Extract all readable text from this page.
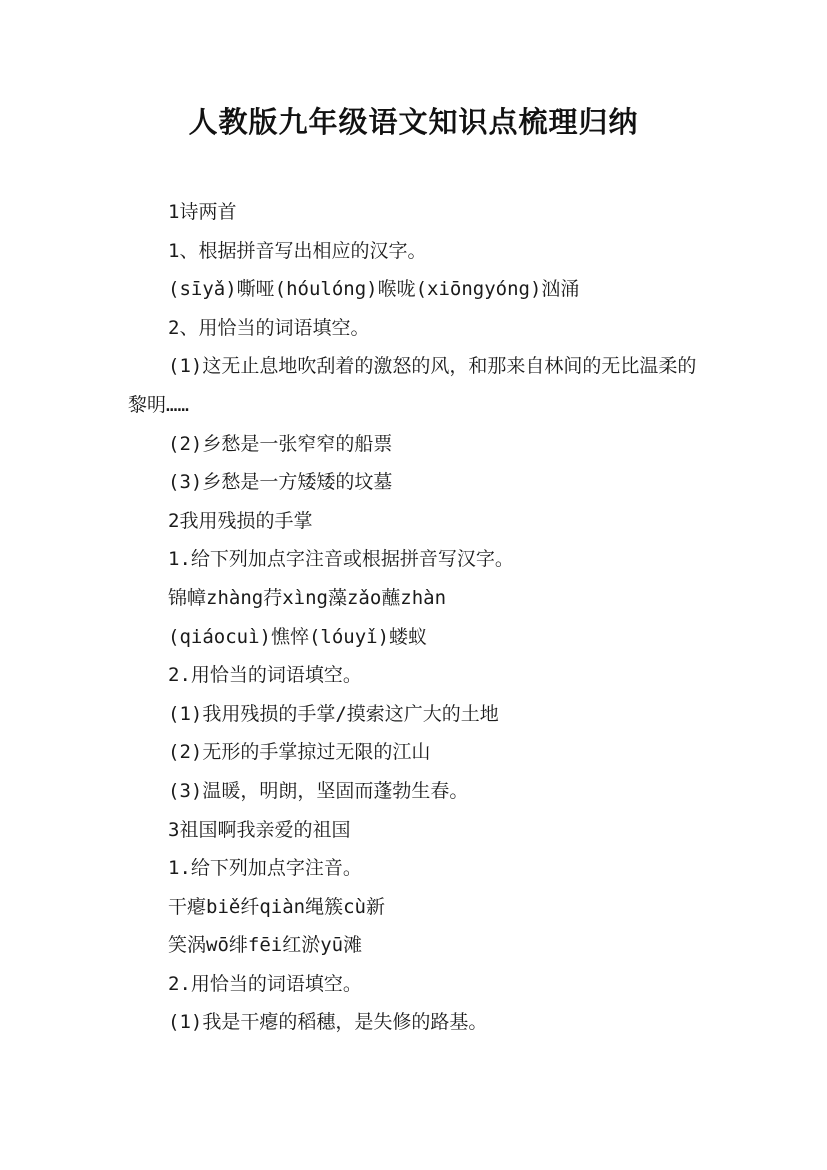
人教版九年级语文知识点梳理归纳
1诗两首
1、根据拼音写出相应的汉字。
(sīyǎ)嘶哑(hóulóng)喉咙(xiōngyóng)汹涌
2、用恰当的词语填空。
(1)这无止息地吹刮着的激怒的风，和那来自林间的无比温柔的黎明……
(2)乡愁是一张窄窄的船票
(3)乡愁是一方矮矮的坟墓
2我用残损的手掌
1.给下列加点字注音或根据拼音写汉字。
锦幛zhàng荇xìng藻zǎo蘸zhàn
(qiáocuì)憔悴(lóuyǐ)蝼蚁
2.用恰当的词语填空。
(1)我用残损的手掌/摸索这广大的土地
(2)无形的手掌掠过无限的江山
(3)温暖，明朗，坚固而蓬勃生春。
3祖国啊我亲爱的祖国
1.给下列加点字注音。
干瘪biě纤qiàn绳簇cù新
笑涡wō绯fēi红淤yū滩
2.用恰当的词语填空。
(1)我是干瘪的稻穗，是失修的路基。
